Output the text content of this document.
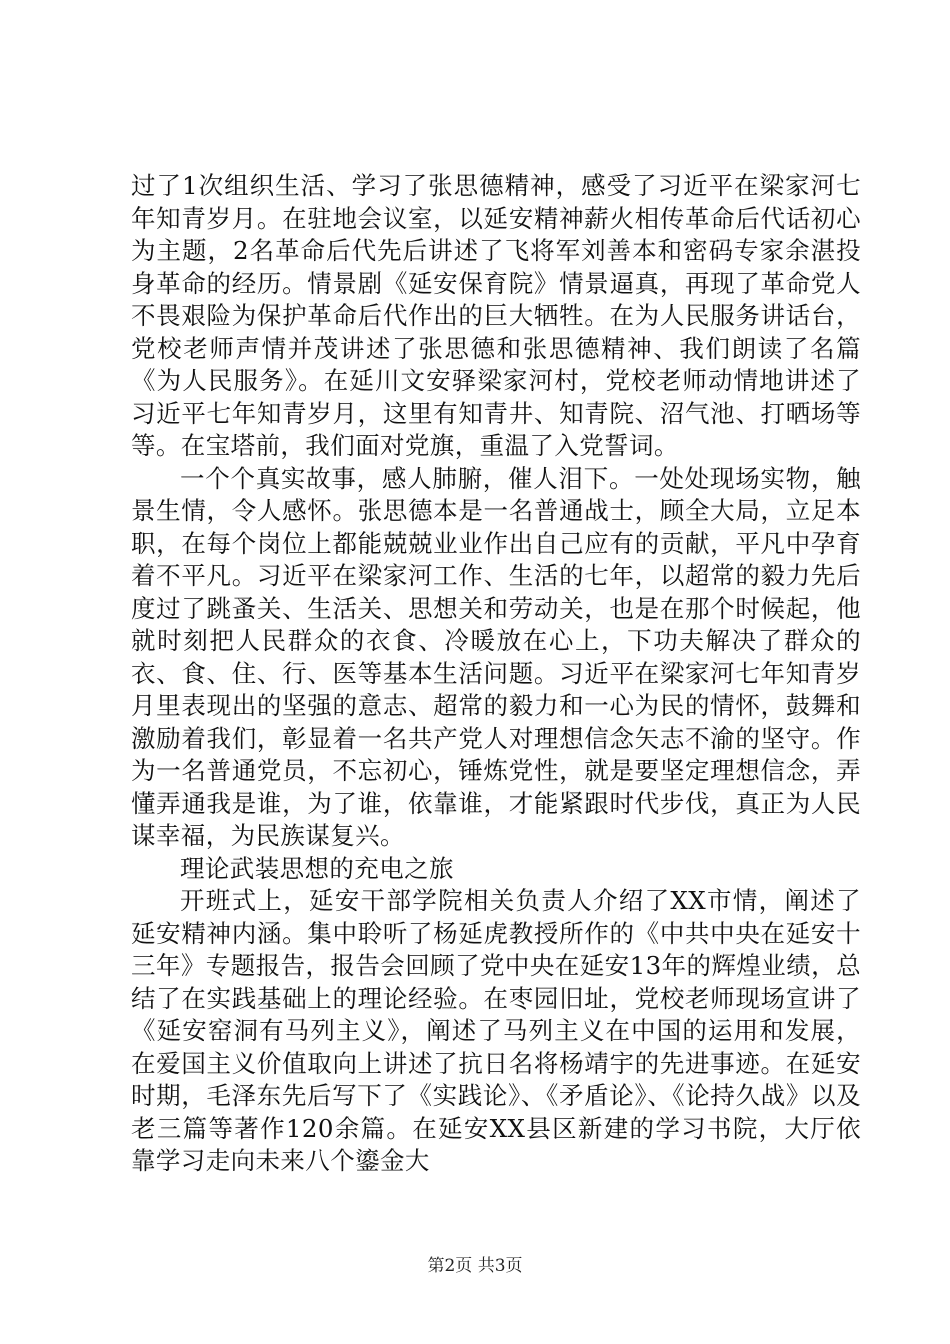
过了1次组织生活、学习了张思德精神，感受了习近平在梁家河七年知青岁月。在驻地会议室，以延安精神薪火相传革命后代话初心为主题，2名革命后代先后讲述了飞将军刘善本和密码专家余湛投身革命的经历。情景剧《延安保育院》情景逼真，再现了革命党人不畏艰险为保护革命后代作出的巨大牺牲。在为人民服务讲话台，党校老师声情并茂讲述了张思德和张思德精神、我们朗读了名篇《为人民服务》。在延川文安驿梁家河村，党校老师动情地讲述了习近平七年知青岁月，这里有知青井、知青院、沼气池、打晒场等等。在宝塔前，我们面对党旗，重温了入党誓词。

一个个真实故事，感人肺腑，催人泪下。一处处现场实物，触景生情，令人感怀。张思德本是一名普通战士，顾全大局，立足本职，在每个岗位上都能兢兢业业作出自己应有的贡献，平凡中孕育着不平凡。习近平在梁家河工作、生活的七年，以超常的毅力先后度过了跳蚤关、生活关、思想关和劳动关，也是在那个时候起，他就时刻把人民群众的衣食、冷暖放在心上，下功夫解决了群众的衣、食、住、行、医等基本生活问题。习近平在梁家河七年知青岁月里表现出的坚强的意志、超常的毅力和一心为民的情怀，鼓舞和激励着我们，彰显着一名共产党人对理想信念矢志不渝的坚守。作为一名普通党员，不忘初心，锤炼党性，就是要坚定理想信念，弄懂弄通我是谁，为了谁，依靠谁，才能紧跟时代步伐，真正为人民谋幸福，为民族谋复兴。

理论武装思想的充电之旅

开班式上，延安干部学院相关负责人介绍了XX市情，阐述了延安精神内涵。集中聆听了杨延虎教授所作的《中共中央在延安十三年》专题报告，报告会回顾了党中央在延安13年的辉煌业绩，总结了在实践基础上的理论经验。在枣园旧址，党校老师现场宣讲了《延安窑洞有马列主义》，阐述了马列主义在中国的运用和发展，在爱国主义价值取向上讲述了抗日名将杨靖宇的先进事迹。在延安时期，毛泽东先后写下了《实践论》、《矛盾论》、《论持久战》以及老三篇等著作120余篇。在延安XX县区新建的学习书院，大厅依靠学习走向未来八个鎏金大

第2页 共3页
